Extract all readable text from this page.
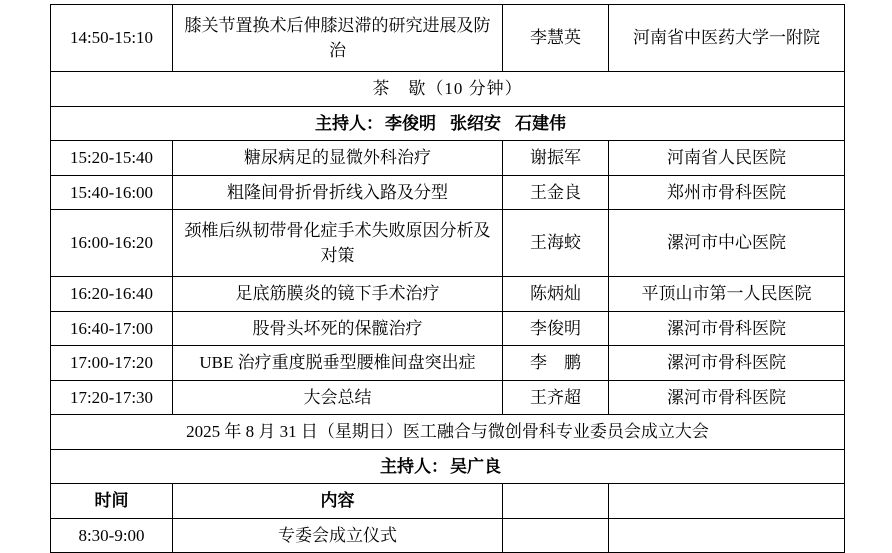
14:50-15:10	膝关节置换术后伸膝迟滞的研究进展及防治	李慧英	河南省中医药大学一附院
茶　歇（10 分钟）			
主持人： 李俊明 张绍安 石建伟			
15:20-15:40	糖尿病足的显微外科治疗	谢振军	河南省人民医院
15:40-16:00	粗隆间骨折骨折线入路及分型	王金良	郑州市骨科医院
16:00-16:20	颈椎后纵韧带骨化症手术失败原因分析及对策	王海蛟	漯河市中心医院
16:20-16:40	足底筋膜炎的镜下手术治疗	陈炳灿	平顶山市第一人民医院
16:40-17:00	股骨头坏死的保髋治疗	李俊明	漯河市骨科医院
17:00-17:20	UBE 治疗重度脱垂型腰椎间盘突出症	李　鹏	漯河市骨科医院
17:20-17:30	大会总结	王齐超	漯河市骨科医院
2025 年 8 月 31 日（星期日）医工融合与微创骨科专业委员会成立大会			
主持人： 吴广良			
时间	内容		
8:30-9:00	专委会成立仪式		
